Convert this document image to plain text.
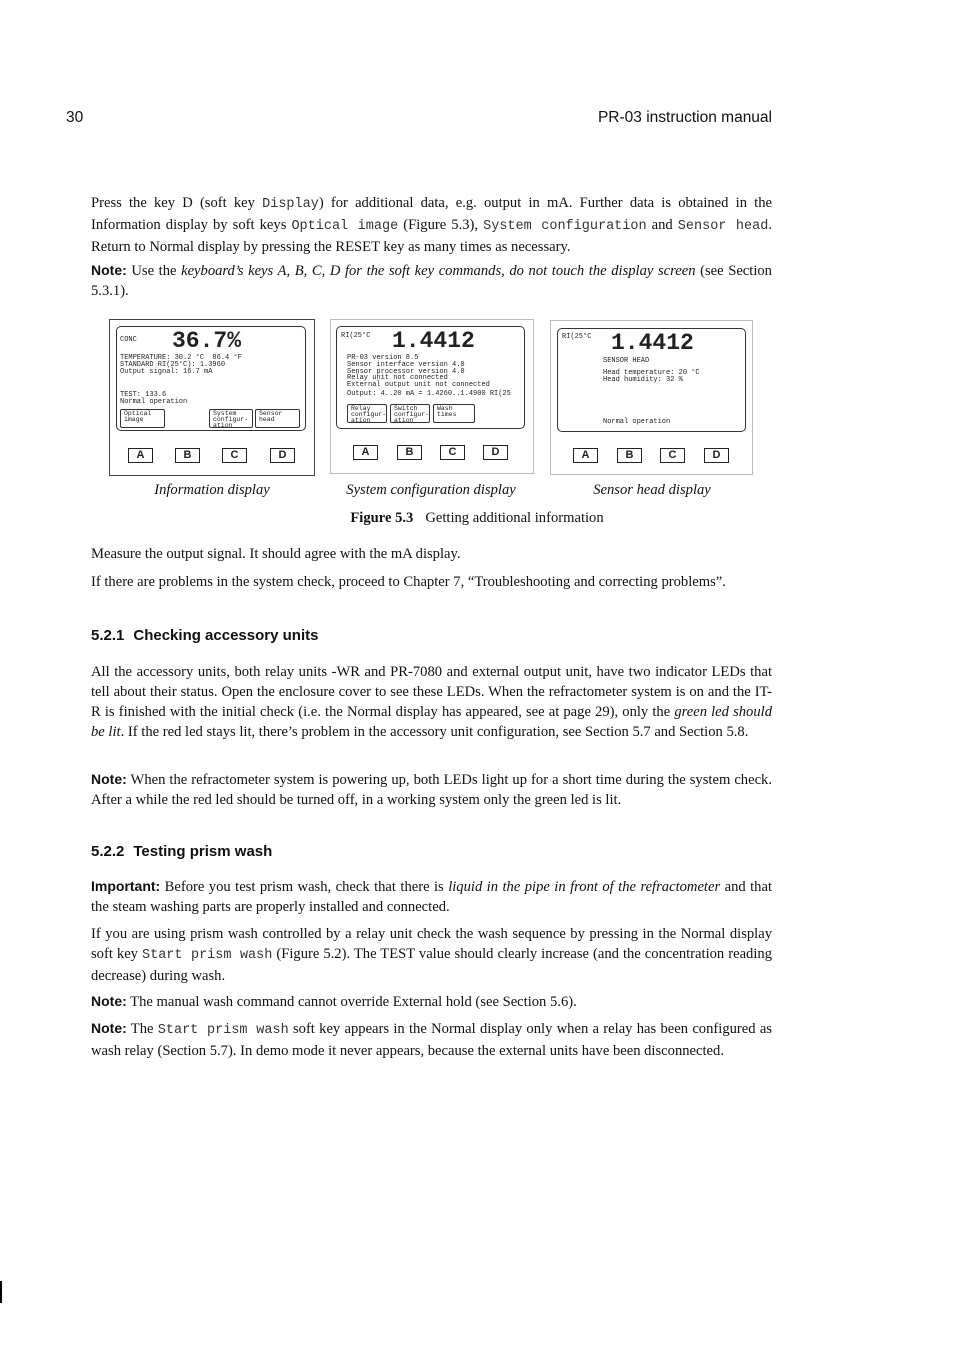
30	PR-03 instruction manual

Press the key D (soft key Display) for additional data, e.g. output in mA. Further data is obtained in the Information display by soft keys Optical image (Figure 5.3), System configuration and Sensor head. Return to Normal display by pressing the RESET key as many times as necessary.

Note: Use the keyboard’s keys A, B, C, D for the soft key commands, do not touch the display screen (see Section 5.3.1).

CONC 36.7%
TEMPERATURE: 30.2 °C  86.4 °F
STANDARD RI(25°C): 1.3960
Output signal: 16.7 mA
TEST: 133.6
Normal operation
Optical
image
System
configur-
ation
Sensor
head
A	B	C	D
RI(25°C 1.4412
PR-03 version 8.5
Sensor interface version 4.0
Sensor processor version 4.0
Relay unit not connected
External output unit not connected
Output: 4..20 mA = 1.4260..1.4900 RI(25
Relay
configur-
ation
Switch
configur-
ation
Wash
times
A	B	C	D
RI(25°C 1.4412
SENSOR HEAD
Head temperature: 20 °C
Head humidity: 32 %
Normal operation
A	B	C	D
Information display	System configuration display	Sensor head display
Figure 5.3 Getting additional information

Measure the output signal. It should agree with the mA display.

If there are problems in the system check, proceed to Chapter 7, “Troubleshooting and correcting problems”.

5.2.1 Checking accessory units

All the accessory units, both relay units -WR and PR-7080 and external output unit, have two indicator LEDs that tell about their status. Open the enclosure cover to see these LEDs. When the refractometer system is on and the IT-R is finished with the initial check (i.e. the Normal display has appeared, see at page 29), only the green led should be lit. If the red led stays lit, there’s problem in the accessory unit configuration, see Section 5.7 and Section 5.8.

Note: When the refractometer system is powering up, both LEDs light up for a short time during the system check. After a while the red led should be turned off, in a working system only the green led is lit.

5.2.2 Testing prism wash

Important: Before you test prism wash, check that there is liquid in the pipe in front of the refractometer and that the steam washing parts are properly installed and connected.

If you are using prism wash controlled by a relay unit check the wash sequence by pressing in the Normal display soft key Start prism wash (Figure 5.2). The TEST value should clearly increase (and the concentration reading decrease) during wash.

Note: The manual wash command cannot override External hold (see Section 5.6).

Note: The Start prism wash soft key appears in the Normal display only when a relay has been configured as wash relay (Section 5.7). In demo mode it never appears, because the external units have been disconnected.
